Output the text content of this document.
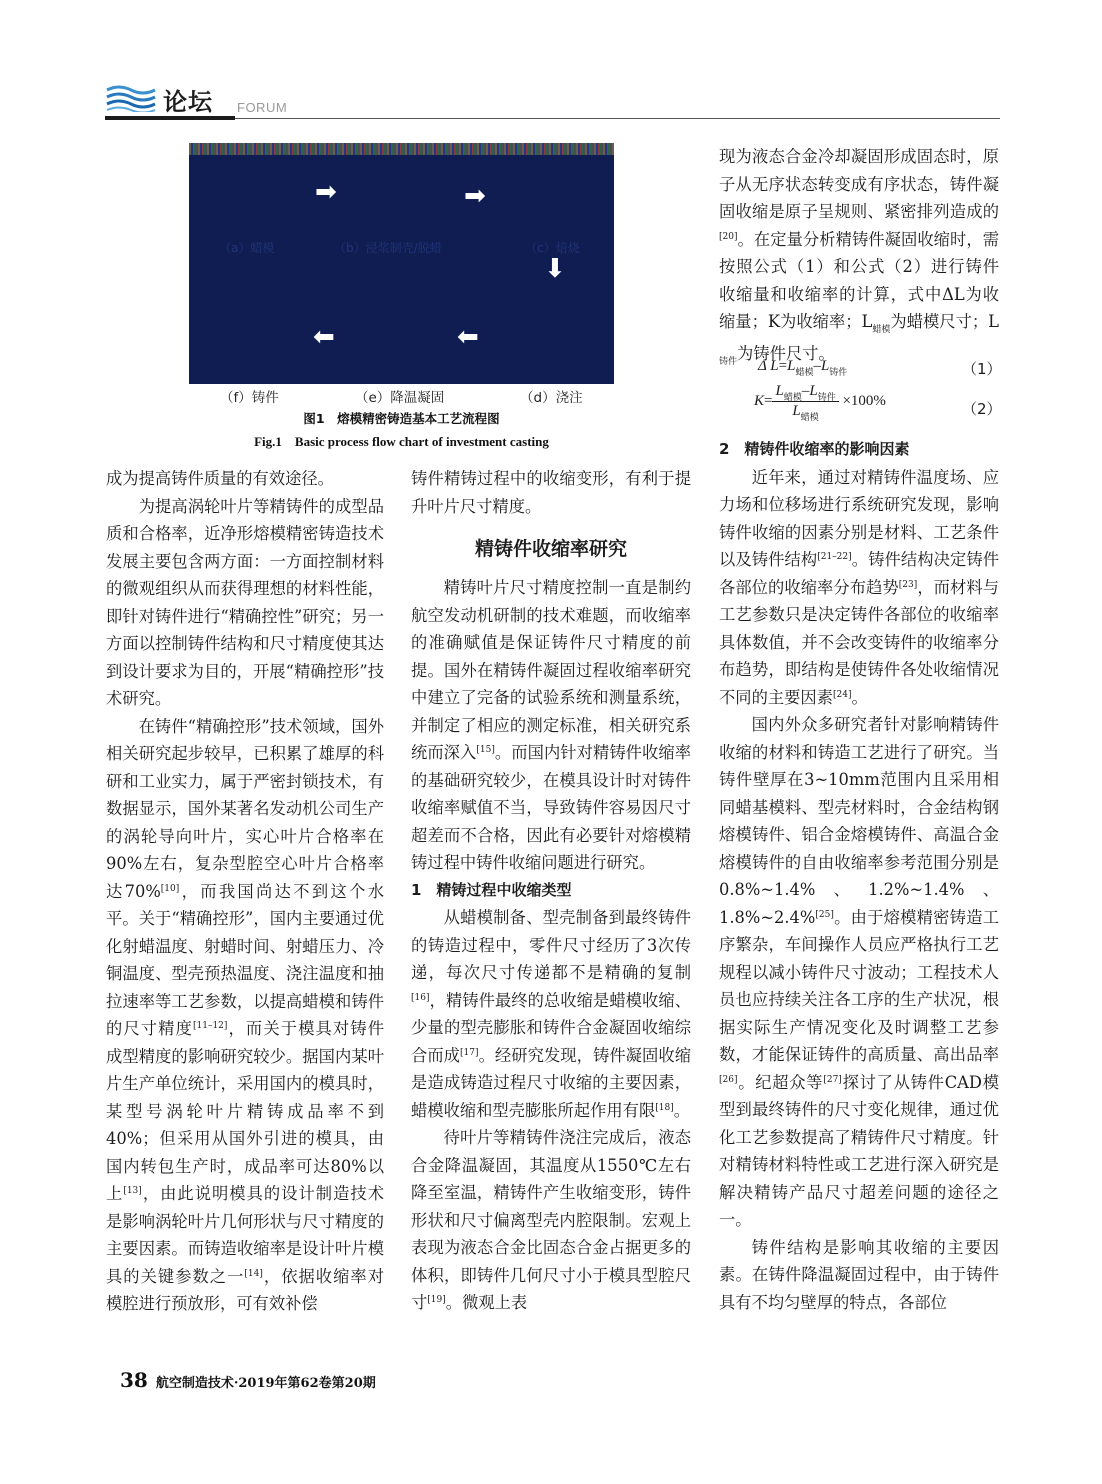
论坛 FORUM
➡	➡
⬇
⬅	⬅
（a）蜡模	（b）浸浆制壳/脱蜡	（c）焙烧
（f）铸件	（e）降温凝固	（d）浇注
图1　熔模精密铸造基本工艺流程图
Fig.1　Basic process flow chart of investment casting

成为提高铸件质量的有效途径。

为提高涡轮叶片等精铸件的成型品质和合格率，近净形熔模精密铸造技术发展主要包含两方面：一方面控制材料的微观组织从而获得理想的材料性能，即针对铸件进行“精确控性”研究；另一方面以控制铸件结构和尺寸精度使其达到设计要求为目的，开展“精确控形”技术研究。

在铸件“精确控形”技术领域，国外相关研究起步较早，已积累了雄厚的科研和工业实力，属于严密封锁技术，有数据显示，国外某著名发动机公司生产的涡轮导向叶片，实心叶片合格率在90%左右，复杂型腔空心叶片合格率达70%[10]，而我国尚达不到这个水平。关于“精确控形”，国内主要通过优化射蜡温度、射蜡时间、射蜡压力、冷铜温度、型壳预热温度、浇注温度和抽拉速率等工艺参数，以提高蜡模和铸件的尺寸精度[11–12]，而关于模具对铸件成型精度的影响研究较少。据国内某叶片生产单位统计，采用国内的模具时，某型号涡轮叶片精铸成品率不到40%；但采用从国外引进的模具，由国内转包生产时，成品率可达80%以上[13]，由此说明模具的设计制造技术是影响涡轮叶片几何形状与尺寸精度的主要因素。而铸造收缩率是设计叶片模具的关键参数之一[14]，依据收缩率对模腔进行预放形，可有效补偿

铸件精铸过程中的收缩变形，有利于提升叶片尺寸精度。

精铸件收缩率研究

精铸叶片尺寸精度控制一直是制约航空发动机研制的技术难题，而收缩率的准确赋值是保证铸件尺寸精度的前提。国外在精铸件凝固过程收缩率研究中建立了完备的试验系统和测量系统，并制定了相应的测定标准，相关研究系统而深入[15]。而国内针对精铸件收缩率的基础研究较少，在模具设计时对铸件收缩率赋值不当，导致铸件容易因尺寸超差而不合格，因此有必要针对熔模精铸过程中铸件收缩问题进行研究。

1　精铸过程中收缩类型

从蜡模制备、型壳制备到最终铸件的铸造过程中，零件尺寸经历了3次传递，每次尺寸传递都不是精确的复制[16]，精铸件最终的总收缩是蜡模收缩、少量的型壳膨胀和铸件合金凝固收缩综合而成[17]。经研究发现，铸件凝固收缩是造成铸造过程尺寸收缩的主要因素，蜡模收缩和型壳膨胀所起作用有限[18]。

待叶片等精铸件浇注完成后，液态合金降温凝固，其温度从1550℃左右降至室温，精铸件产生收缩变形，铸件形状和尺寸偏离型壳内腔限制。宏观上表现为液态合金比固态合金占据更多的体积，即铸件几何尺寸小于模具型腔尺寸[19]。微观上表

现为液态合金冷却凝固形成固态时，原子从无序状态转变成有序状态，铸件凝固收缩是原子呈规则、紧密排列造成的[20]。在定量分析精铸件凝固收缩时，需按照公式（1）和公式（2）进行铸件收缩量和收缩率的计算，式中ΔL为收缩量；K为收缩率；$L_{蜡模}$为蜡模尺寸；$L_{铸件}$为铸件尺寸。

Δ $L=L_{蜡模}-L_{铸件}$	（1）
$K= \frac{L_{蜡模}-L_{铸件}}{L_{蜡模}} \times 100\%$	（2）
2　精铸件收缩率的影响因素

近年来，通过对精铸件温度场、应力场和位移场进行系统研究发现，影响铸件收缩的因素分别是材料、工艺条件以及铸件结构[21–22]。铸件结构决定铸件各部位的收缩率分布趋势[23]，而材料与工艺参数只是决定铸件各部位的收缩率具体数值，并不会改变铸件的收缩率分布趋势，即结构是使铸件各处收缩情况不同的主要因素[24]。

国内外众多研究者针对影响精铸件收缩的材料和铸造工艺进行了研究。当铸件壁厚在3~10mm范围内且采用相同蜡基模料、型壳材料时，合金结构钢熔模铸件、铝合金熔模铸件、高温合金熔模铸件的自由收缩率参考范围分别是0.8%~1.4%、1.2%~1.4%、1.8%~2.4%[25]。由于熔模精密铸造工序繁杂，车间操作人员应严格执行工艺规程以减小铸件尺寸波动；工程技术人员也应持续关注各工序的生产状况，根据实际生产情况变化及时调整工艺参数，才能保证铸件的高质量、高出品率[26]。纪超众等[27]探讨了从铸件CAD模型到最终铸件的尺寸变化规律，通过优化工艺参数提高了精铸件尺寸精度。针对精铸材料特性或工艺进行深入研究是解决精铸产品尺寸超差问题的途径之一。

铸件结构是影响其收缩的主要因素。在铸件降温凝固过程中，由于铸件具有不均匀壁厚的特点，各部位

38 航空制造技术·2019年第62卷第20期
